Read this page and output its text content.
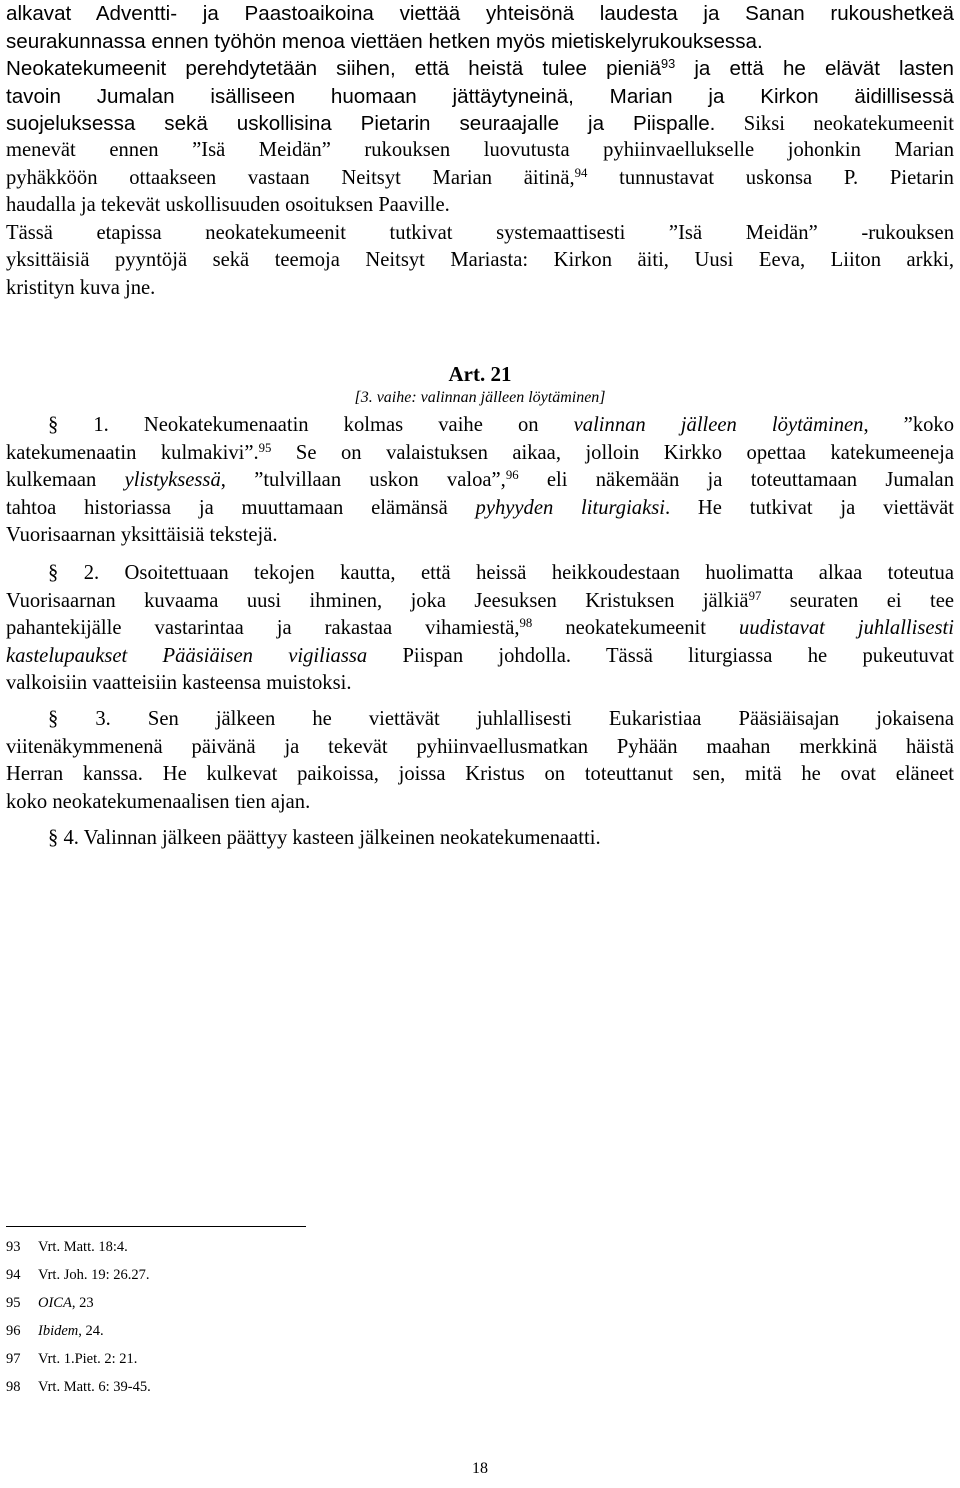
alkavat Adventti- ja Paastoaikoina viettää yhteisönä laudesta ja Sanan rukoushetkeä
seurakunnassa ennen työhön menoa viettäen hetken myös mietiskelyrukouksessa.
Neokatekumeenit perehdytetään siihen, että heistä tulee pieniä$^{93}$ ja että he elävät lasten
tavoin Jumalan isälliseen huomaan jättäytyneinä, Marian ja Kirkon äidillisessä
suojeluksessa sekä uskollisina Pietarin seuraajalle ja Piispalle. Siksi neokatekumeenit
menevät ennen ”Isä Meidän” rukouksen luovutusta pyhiinvaellukselle johonkin Marian
pyhäkköön ottaakseen vastaan Neitsyt Marian äitinä,$^{94}$ tunnustavat uskonsa P. Pietarin
haudalla ja tekevät uskollisuuden osoituksen Paaville.
Tässä etapissa neokatekumeenit tutkivat systemaattisesti ”Isä Meidän” -rukouksen
yksittäisiä pyyntöjä sekä teemoja Neitsyt Mariasta: Kirkon äiti, Uusi Eeva, Liiton arkki,
kristityn kuva jne.
Art. 21
[3. vaihe: valinnan jälleen löytäminen]
§ 1. Neokatekumenaatin kolmas vaihe on valinnan jälleen löytäminen, ”koko
katekumenaatin kulmakivi”.$^{95}$ Se on valaistuksen aikaa, jolloin Kirkko opettaa katekumeeneja
kulkemaan ylistyksessä, ”tulvillaan uskon valoa”,$^{96}$ eli näkemään ja toteuttamaan Jumalan
tahtoa historiassa ja muuttamaan elämänsä pyhyyden liturgiaksi. He tutkivat ja viettävät
Vuorisaarnan yksittäisiä tekstejä.
§ 2. Osoitettuaan tekojen kautta, että heissä heikkoudestaan huolimatta alkaa toteutua
Vuorisaarnan kuvaama uusi ihminen, joka Jeesuksen Kristuksen jälkiä$^{97}$ seuraten ei tee
pahantekijälle vastarintaa ja rakastaa vihamiestä,$^{98}$ neokatekumeenit uudistavat juhlallisesti
kastelupaukset Pääsiäisen vigiliassa Piispan johdolla. Tässä liturgiassa he pukeutuvat
valkoisiin vaatteisiin kasteensa muistoksi.
§ 3. Sen jälkeen he viettävät juhlallisesti Eukaristiaa Pääsiäisajan jokaisena
viitenäkymmenenä päivänä ja tekevät pyhiinvaellusmatkan Pyhään maahan merkkinä häistä
Herran kanssa. He kulkevat paikoissa, joissa Kristus on toteuttanut sen, mitä he ovat eläneet
koko neokatekumenaalisen tien ajan.
§ 4. Valinnan jälkeen päättyy kasteen jälkeinen neokatekumenaatti.
93 Vrt. Matt. 18:4.
94 Vrt. Joh. 19: 26.27.
95 OICA, 23
96 Ibidem, 24.
97 Vrt. 1.Piet. 2: 21.
98 Vrt. Matt. 6: 39-45.
18
